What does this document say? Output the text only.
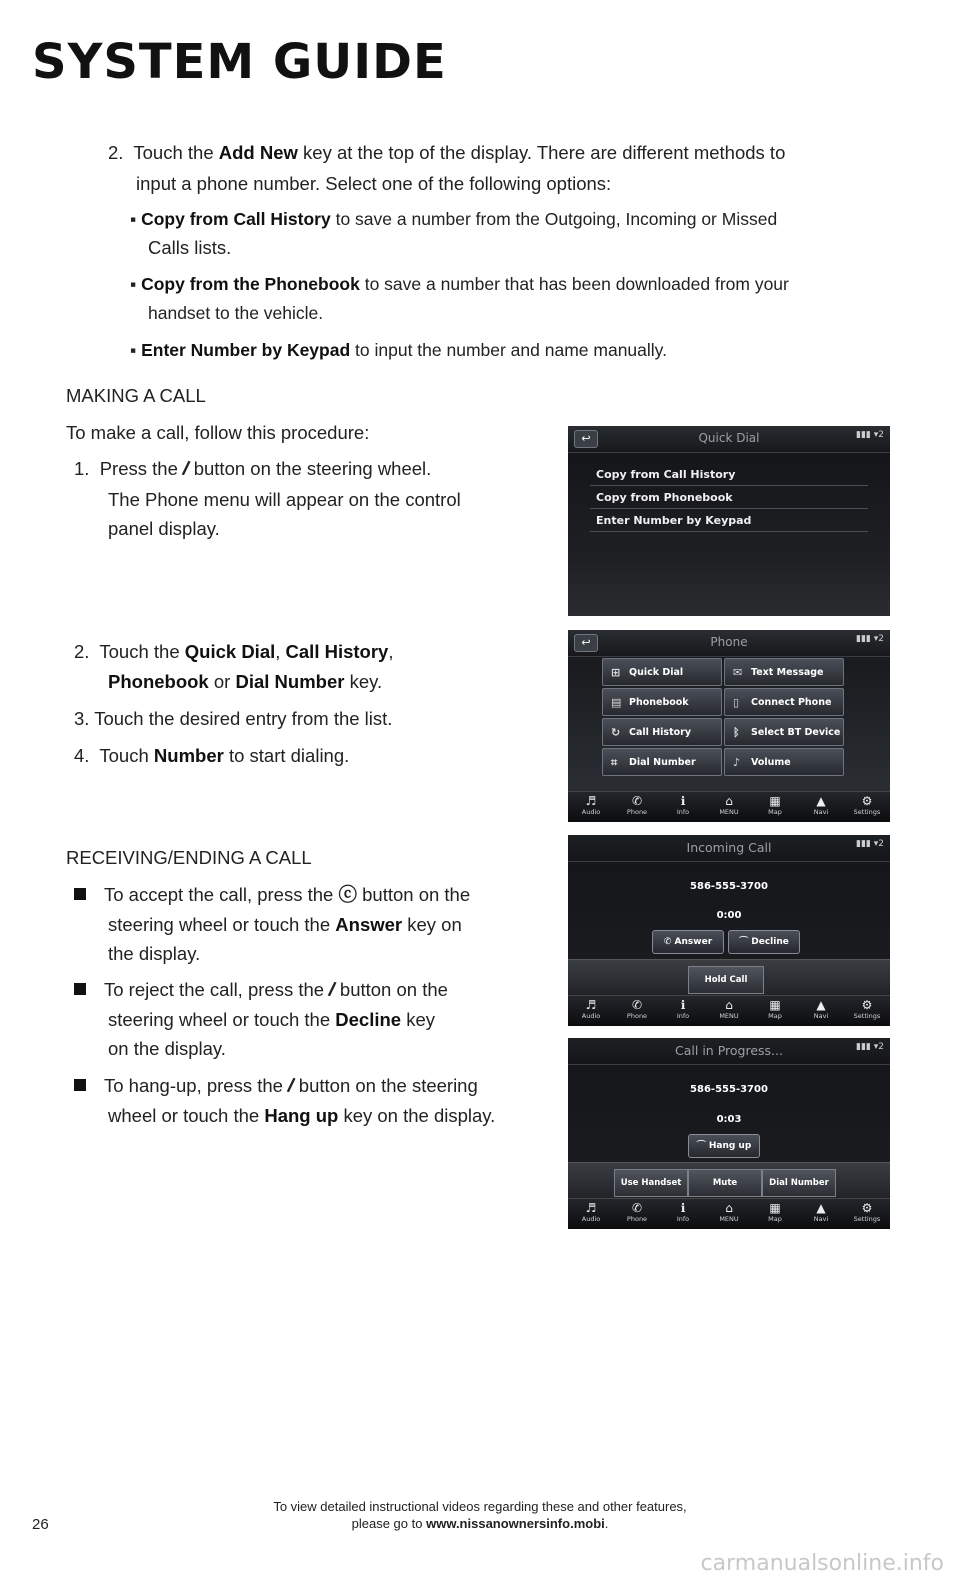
SYSTEM GUIDE
2. Touch the Add New key at the top of the display. There are different methods to
input a phone number. Select one of the following options:
▪ Copy from Call History to save a number from the Outgoing, Incoming or Missed
Calls lists.
▪ Copy from the Phonebook to save a number that has been downloaded from your
handset to the vehicle.
▪ Enter Number by Keypad to input the number and name manually.
MAKING A CALL
To make a call, follow this procedure:
1. Press the / button on the steering wheel.
The Phone menu will appear on the control
panel display.
2. Touch the Quick Dial, Call History,
Phonebook or Dial Number key.
3. Touch the desired entry from the list.
4. Touch Number to start dialing.
RECEIVING/ENDING A CALL
To accept the call, press the ⓒ button on the
steering wheel or touch the Answer key on
the display.
To reject the call, press the / button on the
steering wheel or touch the Decline key
on the display.
To hang-up, press the / button on the steering
wheel or touch the Hang up key on the display.
↩	Quick Dial	▮▮▮ ▾2
Copy from Call History
Copy from Phonebook
Enter Number by Keypad
↩	Phone	▮▮▮ ▾2
⊞ Quick Dial	✉ Text Message
▤ Phonebook	▯ Connect Phone
↻ Call History	ᛒ Select BT Device
⌗ Dial Number	♪ Volume
♬
Audio
✆
Phone
ℹ
Info
⌂
MENU
▦
Map
▲
Navi
⚙
Settings
Incoming Call	▮▮▮ ▾2
586-555-3700
0:00
✆ Answer	⌒ Decline
Hold Call
♬
Audio
✆
Phone
ℹ
Info
⌂
MENU
▦
Map
▲
Navi
⚙
Settings
Call in Progress...	▮▮▮ ▾2
586-555-3700
0:03
⌒ Hang up
Use Handset	Mute	Dial Number
♬
Audio
✆
Phone
ℹ
Info
⌂
MENU
▦
Map
▲
Navi
⚙
Settings
To view detailed instructional videos regarding these and other features,
please go to www.nissanownersinfo.mobi.
26
carmanualsonline.info
